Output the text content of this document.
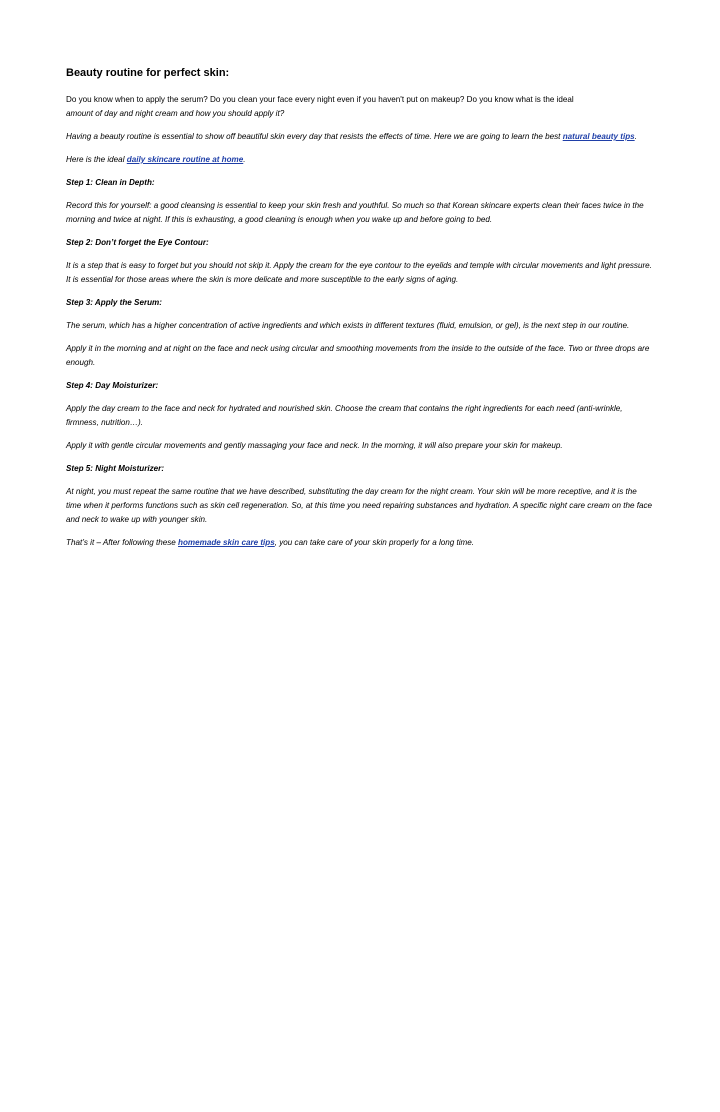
Beauty routine for perfect skin:

Do you know when to apply the serum? Do you clean your face every night even if you haven't put on makeup? Do you know what is the ideal
amount of day and night cream and how you should apply it?

Having a beauty routine is essential to show off beautiful skin every day that resists the effects of time. Here we are going to learn the best natural beauty tips.

Here is the ideal daily skincare routine at home.

Step 1: Clean in Depth:

Record this for yourself: a good cleansing is essential to keep your skin fresh and youthful. So much so that Korean skincare experts clean their faces twice in the morning and twice at night. If this is exhausting, a good cleaning is enough when you wake up and before going to bed.

Step 2: Don’t forget the Eye Contour:

It is a step that is easy to forget but you should not skip it. Apply the cream for the eye contour to the eyelids and temple with circular movements and light pressure. It is essential for those areas where the skin is more delicate and more susceptible to the early signs of aging.

Step 3: Apply the Serum:

The serum, which has a higher concentration of active ingredients and which exists in different textures (fluid, emulsion, or gel), is the next step in our routine.

Apply it in the morning and at night on the face and neck using circular and smoothing movements from the inside to the outside of the face. Two or three drops are enough.

Step 4: Day Moisturizer:

Apply the day cream to the face and neck for hydrated and nourished skin. Choose the cream that contains the right ingredients for each need (anti-wrinkle, firmness, nutrition…).

Apply it with gentle circular movements and gently massaging your face and neck. In the morning, it will also prepare your skin for makeup.

Step 5: Night Moisturizer:

At night, you must repeat the same routine that we have described, substituting the day cream for the night cream. Your skin will be more receptive, and it is the time when it performs functions such as skin cell regeneration. So, at this time you need repairing substances and hydration. A specific night care cream on the face and neck to wake up with younger skin.

That’s it – After following these homemade skin care tips, you can take care of your skin properly for a long time.
